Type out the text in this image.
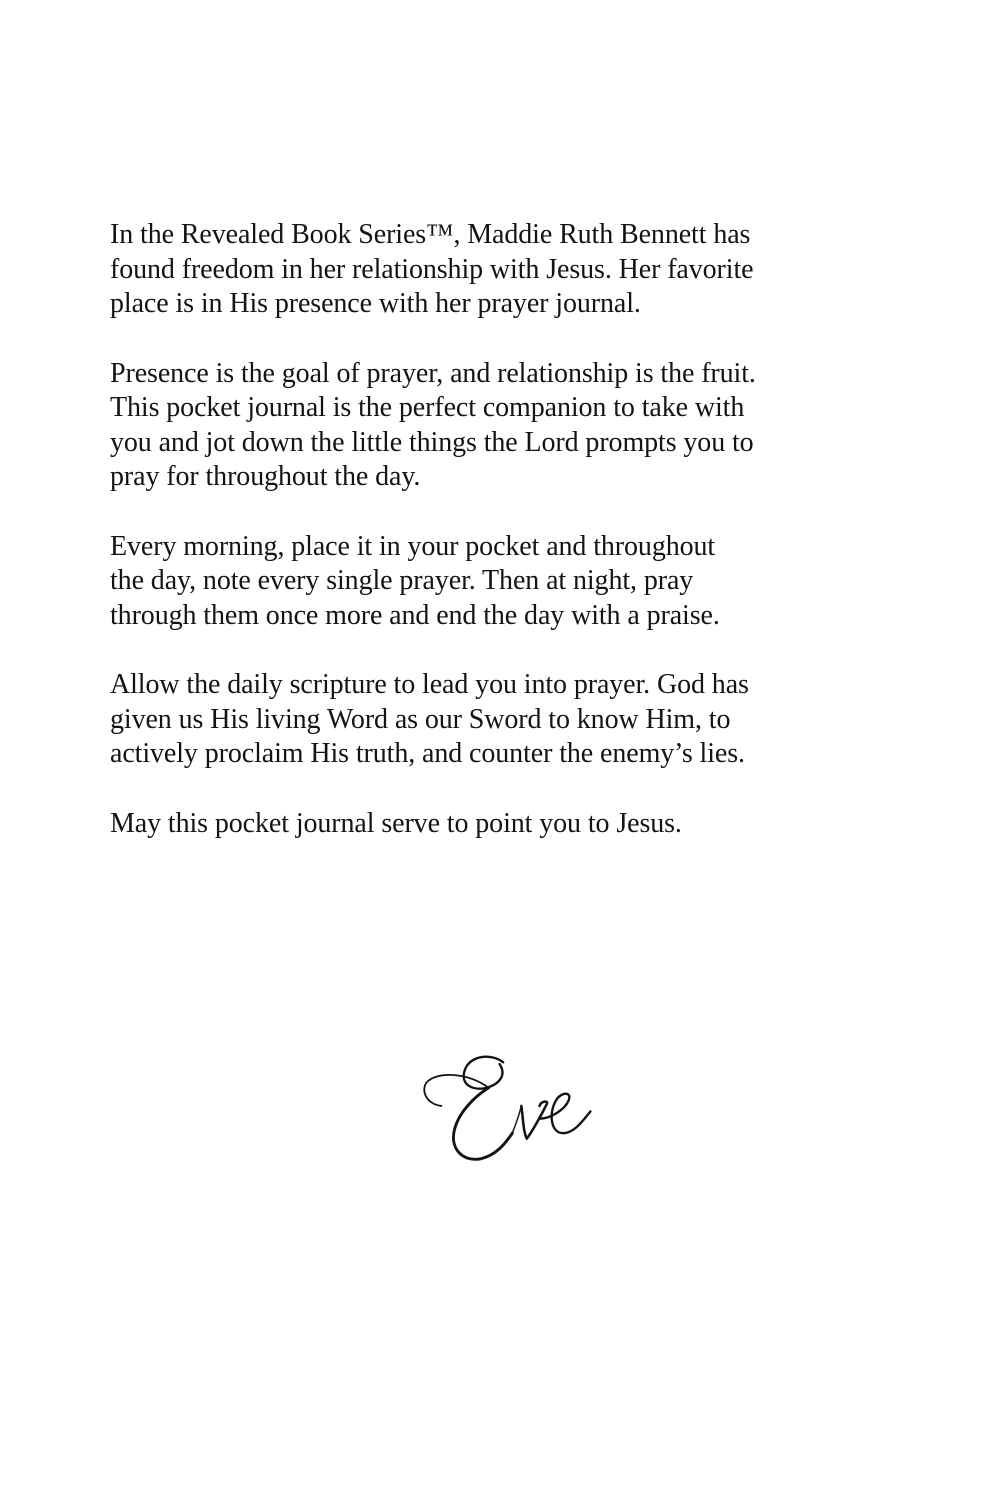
In the Revealed Book Series™, Maddie Ruth Bennett has
found freedom in her relationship with Jesus. Her favorite
place is in His presence with her prayer journal.

Presence is the goal of prayer, and relationship is the fruit.
This pocket journal is the perfect companion to take with
you and jot down the little things the Lord prompts you to
pray for throughout the day.

Every morning, place it in your pocket and throughout
the day, note every single prayer. Then at night, pray
through them once more and end the day with a praise.

Allow the daily scripture to lead you into prayer. God has
given us His living Word as our Sword to know Him, to
actively proclaim His truth, and counter the enemy’s lies.

May this pocket journal serve to point you to Jesus.
